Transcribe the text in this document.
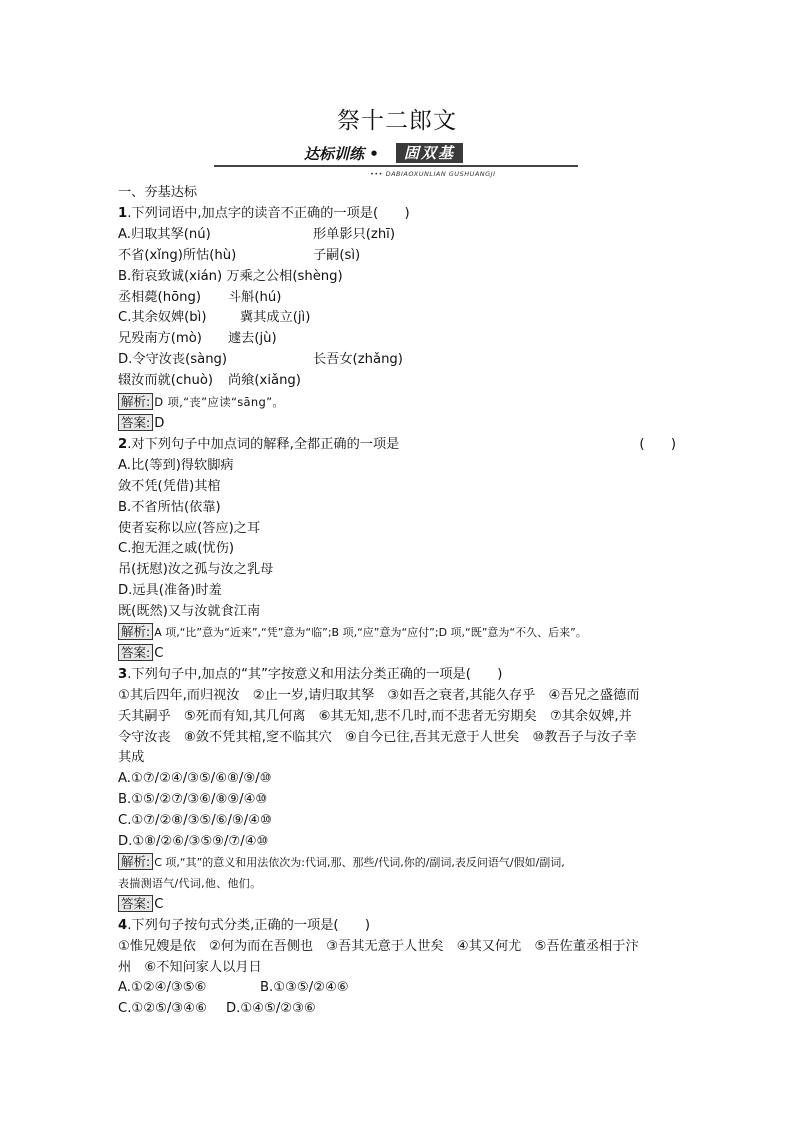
祭十二郎文
达标训练 •	固双基
••• DABIAOXUNLIAN GUSHUANGJI
一、夯基达标
1.下列词语中,加点字的读音不正确的一项是(　　)
A.归取其孥(nú)	形单影只(zhī)
不省(xǐng)所怙(hù)	子嗣(sì)
B.衔哀致诚(xián) 万乘之公相(shèng)
丞相薨(hōng) 斗斛(hú)
C.其余奴婢(bì)	冀其成立(jì)
兄殁南方(mò) 遽去(jù)
D.令守汝丧(sàng)	长吾女(zhǎng)
辍汝而就(chuò) 尚飨(xiǎng)
解析: D 项,“丧”应读“sāng”。
答案: D
2.对下列句子中加点词的解释,全都正确的一项是	(　　)
A.比(等到)得软脚病
敛不凭(凭借)其棺
B.不省所怙(依靠)
使者妄称以应(答应)之耳
C.抱无涯之戚(忧伤)
吊(抚慰)汝之孤与汝之乳母
D.远具(准备)时羞
既(既然)又与汝就食江南
解析: A 项,“比”意为“近来”,“凭”意为“临”;B 项,“应”意为“应付”;D 项,“既”意为“不久、后来”。
答案: C
3.下列句子中,加点的“其”字按意义和用法分类正确的一项是(　　)
①其后四年,而归视汝　②止一岁,请归取其孥　③如吾之衰者,其能久存乎　④吾兄之盛德而
夭其嗣乎　⑤死而有知,其几何离　⑥其无知,悲不几时,而不悲者无穷期矣　⑦其余奴婢,并
令守汝丧　⑧敛不凭其棺,窆不临其穴　⑨自今已往,吾其无意于人世矣　⑩教吾子与汝子幸
其成
A.①⑦/②④/③⑤/⑥⑧/⑨/⑩
B.①⑤/②⑦/③⑥/⑧⑨/④⑩
C.①⑦/②⑧/③⑤/⑥/⑨/④⑩
D.①⑧/②⑥/③⑤⑨/⑦/④⑩
解析: C 项,“其”的意义和用法依次为:代词,那、那些/代词,你的/副词,表反问语气/假如/副词,
表揣测语气/代词,他、他们。
答案: C
4.下列句子按句式分类,正确的一项是(　　)
①惟兄嫂是依　②何为而在吾侧也　③吾其无意于人世矣　④其又何尤　⑤吾佐董丞相于汴
州　⑥不知问家人以月日
A.①②④/③⑤⑥	B.①③⑤/②④⑥
C.①②⑤/③④⑥ D.①④⑤/②③⑥
